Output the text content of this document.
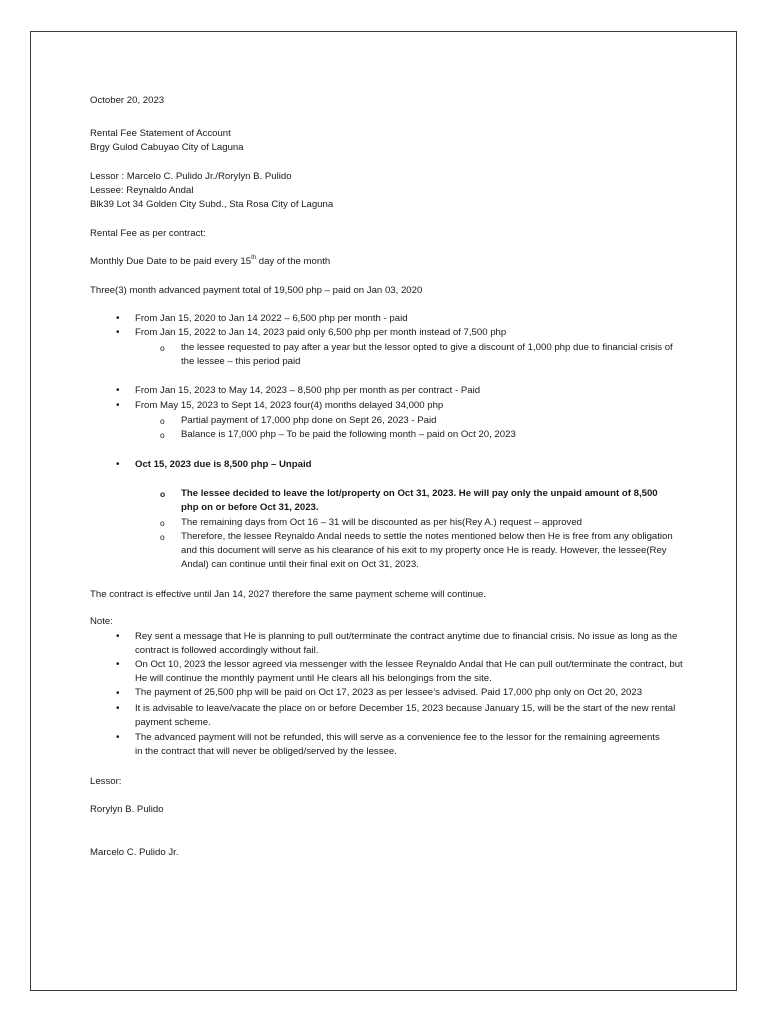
October 20, 2023
Rental Fee Statement of Account
Brgy Gulod Cabuyao City of Laguna
Lessor : Marcelo C. Pulido Jr./Rorylyn B. Pulido
Lessee: Reynaldo Andal
Blk39 Lot 34 Golden City Subd., Sta Rosa City of Laguna
Rental Fee as per contract:
Monthly Due Date to be paid every 15th day of the month
Three(3) month advanced payment total of 19,500 php – paid on Jan 03, 2020
• From Jan 15, 2020 to Jan 14 2022 – 6,500 php per month - paid
• From Jan 15, 2022 to Jan 14, 2023 paid only 6,500 php per month instead of 7,500 php
o the lessee requested to pay after a year but the lessor opted to give a discount of 1,000 php due to financial crisis of the lessee – this period paid
• From Jan 15, 2023 to May 14, 2023 – 8,500 php per month as per contract - Paid
• From May 15, 2023 to Sept 14, 2023 four(4) months delayed 34,000 php
o Partial payment of 17,000 php done on Sept 26, 2023 - Paid
o Balance is 17,000 php – To be paid the following month – paid on Oct 20, 2023
• Oct 15, 2023 due is 8,500 php – Unpaid
o The lessee decided to leave the lot/property on Oct 31, 2023. He will pay only the unpaid amount of 8,500 php on or before Oct 31, 2023.
o The remaining days from Oct 16 – 31 will be discounted as per his(Rey A.) request – approved
o Therefore, the lessee Reynaldo Andal needs to settle the notes mentioned below then He is free from any obligation and this document will serve as his clearance of his exit to my property once He is ready. However, the lessee(Rey Andal) can continue until their final exit on Oct 31, 2023.
The contract is effective until Jan 14, 2027 therefore the same payment scheme will continue.
Note:
• Rey sent a message that He is planning to pull out/terminate the contract anytime due to financial crisis. No issue as long as the contract is followed accordingly without fail.
• On Oct 10, 2023 the lessor agreed via messenger with the lessee Reynaldo Andal that He can pull out/terminate the contract, but He will continue the monthly payment until He clears all his belongings from the site.
• The payment of 25,500 php will be paid on Oct 17, 2023 as per lessee’s advised. Paid 17,000 php only on Oct 20, 2023
• It is advisable to leave/vacate the place on or before December 15, 2023 because January 15, will be the start of the new rental payment scheme.
• The advanced payment will not be refunded, this will serve as a convenience fee to the lessor for the remaining agreements in the contract that will never be obliged/served by the lessee.
Lessor:
Rorylyn B. Pulido
Marcelo C. Pulido Jr.
